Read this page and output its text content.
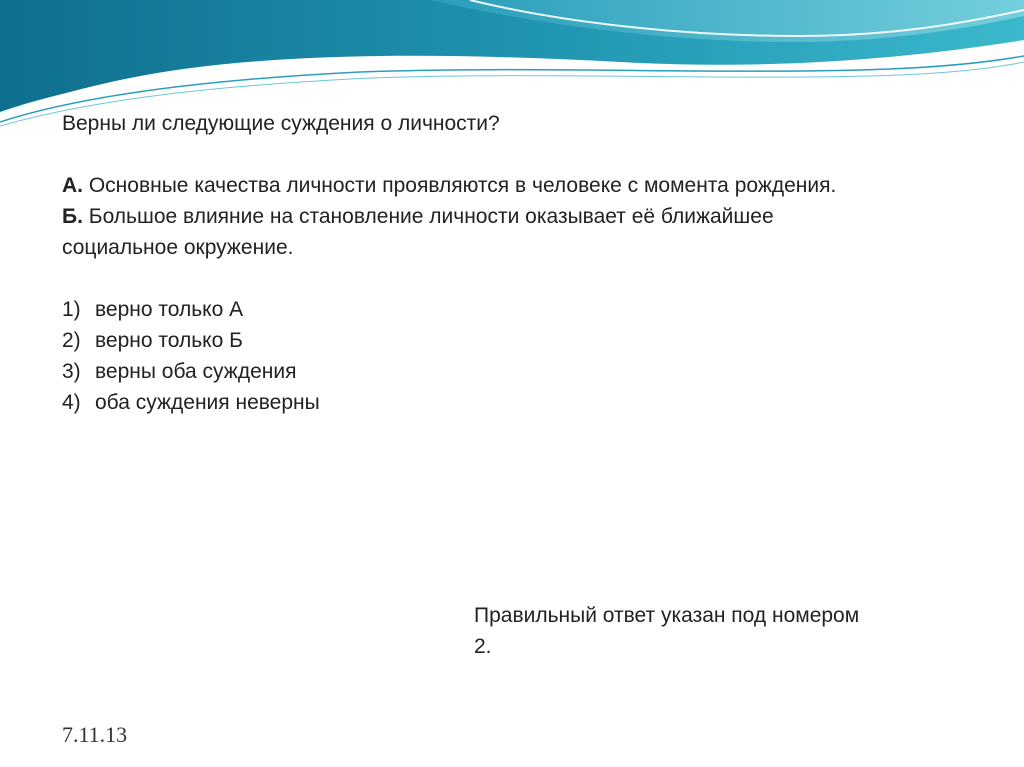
Верны ли следующие суждения о личности?

А. Основные качества личности проявляются в человеке с момента рождения.

Б. Большое влияние на становление личности оказывает её ближайшее

социальное окружение.

1) верно только А
2) верно только Б
3) верны оба суждения
4) оба суждения неверны
Правильный ответ указан под номером
2.
7.11.13
